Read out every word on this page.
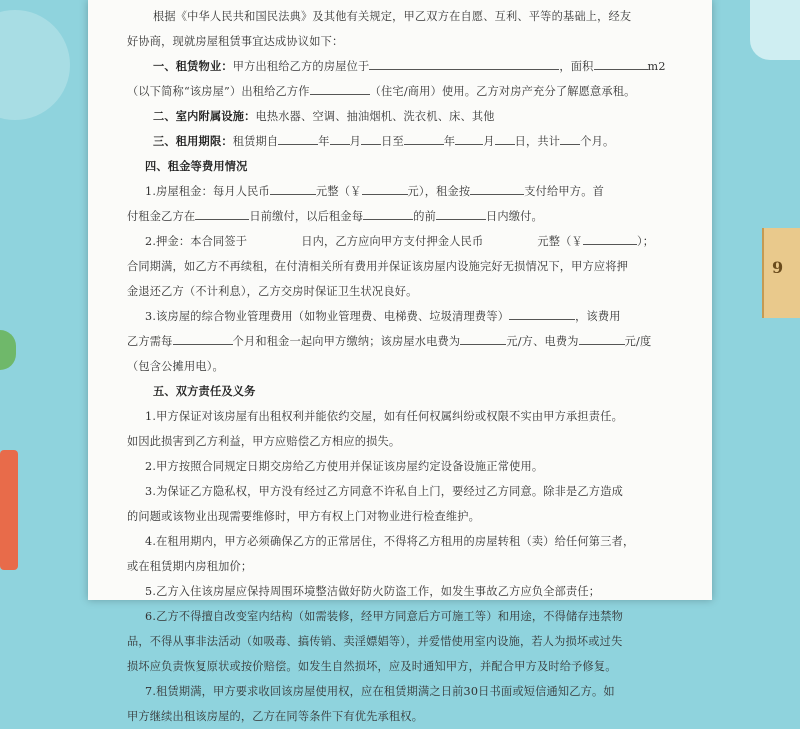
9

根据《中华人民共和国民法典》及其他有关规定，甲乙双方在自愿、互利、平等的基础上，经友

好协商，现就房屋租赁事宜达成协议如下：

一、租赁物业：甲方出租给乙方的房屋位于	，面积	m2

（以下简称“该房屋”）出租给乙方作	（住宅/商用）使用。乙方对房产充分了解愿意承租。

二、室内附属设施：电热水器、空调、抽油烟机、洗衣机、床、其他

三、租用期限：租赁期自	年 月 日至	年	月 日，共计 个月。

四、租金等费用情况

1.房屋租金：每月人民币	元整（￥	元），租金按	支付给甲方。首

付租金乙方在	日前缴付，以后租金每	的前	日内缴付。

2.押金：本合同签于	日内，乙方应向甲方支付押金人民币	元整（￥	）；

合同期满，如乙方不再续租，在付清相关所有费用并保证该房屋内设施完好无损情况下，甲方应将押

金退还乙方（不计利息），乙方交房时保证卫生状况良好。

3.该房屋的综合物业管理费用（如物业管理费、电梯费、垃圾清理费等）	，该费用

乙方需每	个月和租金一起向甲方缴纳；该房屋水电费为	元/方、电费为	元/度

（包含公摊用电）。

五、双方责任及义务

1.甲方保证对该房屋有出租权利并能依约交屋，如有任何权属纠纷或权限不实由甲方承担责任。

如因此损害到乙方利益，甲方应赔偿乙方相应的损失。

2.甲方按照合同规定日期交房给乙方使用并保证该房屋约定设备设施正常使用。

3.为保证乙方隐私权，甲方没有经过乙方同意不许私自上门，要经过乙方同意。除非是乙方造成

的问题或该物业出现需要维修时，甲方有权上门对物业进行检查维护。

4.在租用期内，甲方必须确保乙方的正常居住，不得将乙方租用的房屋转租（卖）给任何第三者，

或在租赁期内房租加价；

5.乙方入住该房屋应保持周围环境整洁做好防火防盗工作，如发生事故乙方应负全部责任；

6.乙方不得擅自改变室内结构（如需装修，经甲方同意后方可施工等）和用途，不得储存违禁物

品，不得从事非法活动（如吸毒、搞传销、卖淫嫖娼等），并爱惜使用室内设施，若人为损坏或过失

损坏应负责恢复原状或按价赔偿。如发生自然损坏，应及时通知甲方，并配合甲方及时给予修复。

7.租赁期满，甲方要求收回该房屋使用权，应在租赁期满之日前30日书面或短信通知乙方。如

甲方继续出租该房屋的，乙方在同等条件下有优先承租权。
